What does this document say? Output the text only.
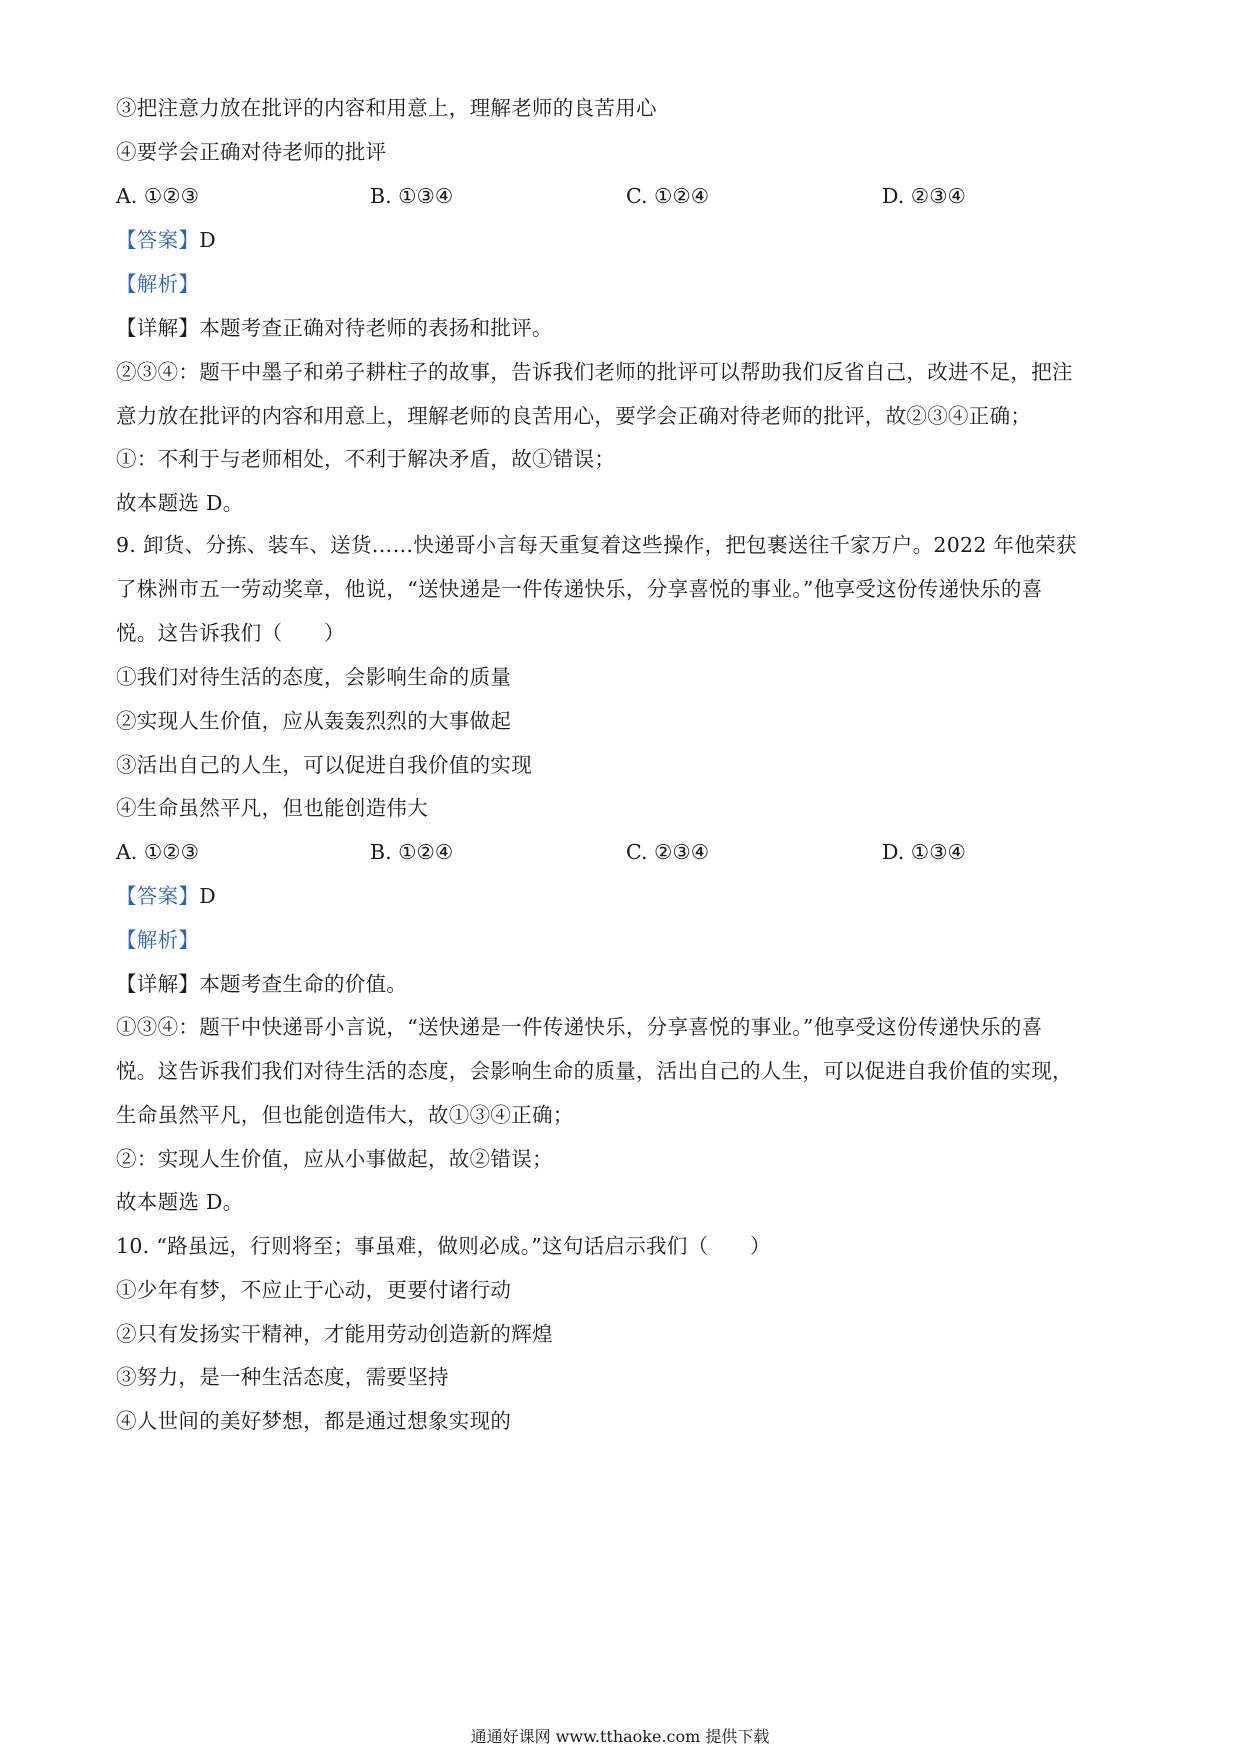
③把注意力放在批评的内容和用意上，理解老师的良苦用心
④要学会正确对待老师的批评
A. ①②③	B. ①③④	C. ①②④	D. ②③④
【答案】D
【解析】
【详解】本题考查正确对待老师的表扬和批评。
②③④：题干中墨子和弟子耕柱子的故事，告诉我们老师的批评可以帮助我们反省自己，改进不足，把注
意力放在批评的内容和用意上，理解老师的良苦用心，要学会正确对待老师的批评，故②③④正确；
①：不利于与老师相处，不利于解决矛盾，故①错误；
故本题选 D。
9. 卸货、分拣、装车、送货……快递哥小言每天重复着这些操作，把包裹送往千家万户。2022 年他荣获
了株洲市五一劳动奖章，他说，“送快递是一件传递快乐，分享喜悦的事业。”他享受这份传递快乐的喜
悦。这告诉我们（　　）
①我们对待生活的态度，会影响生命的质量
②实现人生价值，应从轰轰烈烈的大事做起
③活出自己的人生，可以促进自我价值的实现
④生命虽然平凡，但也能创造伟大
A. ①②③	B. ①②④	C. ②③④	D. ①③④
【答案】D
【解析】
【详解】本题考查生命的价值。
①③④：题干中快递哥小言说，“送快递是一件传递快乐，分享喜悦的事业。”他享受这份传递快乐的喜
悦。这告诉我们我们对待生活的态度，会影响生命的质量，活出自己的人生，可以促进自我价值的实现，
生命虽然平凡，但也能创造伟大，故①③④正确；
②：实现人生价值，应从小事做起，故②错误；
故本题选 D。
10. “路虽远，行则将至；事虽难，做则必成。”这句话启示我们（　　）
①少年有梦，不应止于心动，更要付诸行动
②只有发扬实干精神，才能用劳动创造新的辉煌
③努力，是一种生活态度，需要坚持
④人世间的美好梦想，都是通过想象实现的
通通好课网 www.tthaoke.com 提供下载
